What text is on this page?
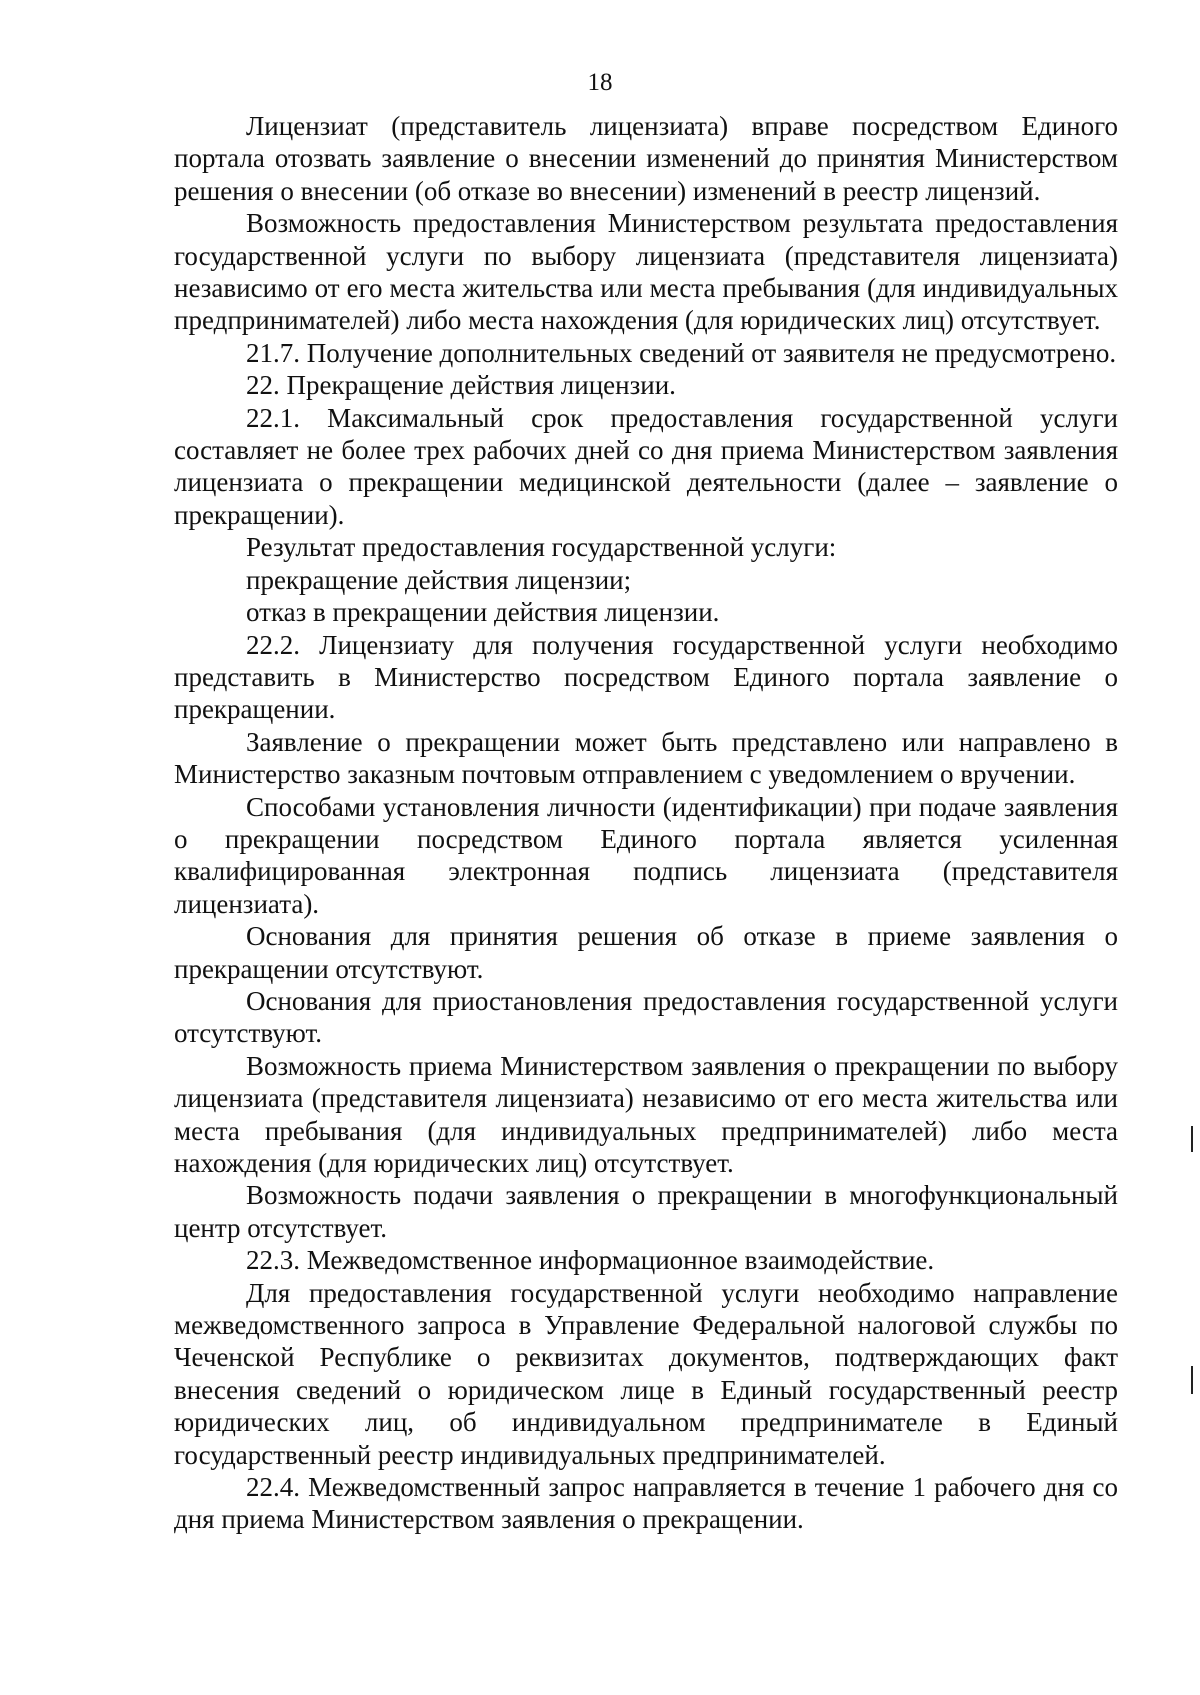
18

Лицензиат (представитель лицензиата) вправе посредством Единого портала отозвать заявление о внесении изменений до принятия Министерством решения о внесении (об отказе во внесении) изменений в реестр лицензий.

Возможность предоставления Министерством результата предоставления государственной услуги по выбору лицензиата (представителя лицензиата) независимо от его места жительства или места пребывания (для индивидуальных предпринимателей) либо места нахождения (для юридических лиц) отсутствует.

21.7. Получение дополнительных сведений от заявителя не предусмотрено.

22. Прекращение действия лицензии.

22.1. Максимальный срок предоставления государственной услуги составляет не более трех рабочих дней со дня приема Министерством заявления лицензиата о прекращении медицинской деятельности (далее – заявление о прекращении).

Результат предоставления государственной услуги:

прекращение действия лицензии;

отказ в прекращении действия лицензии.

22.2. Лицензиату для получения государственной услуги необходимо представить в Министерство посредством Единого портала заявление о прекращении.

Заявление о прекращении может быть представлено или направлено в Министерство заказным почтовым отправлением с уведомлением о вручении.

Способами установления личности (идентификации) при подаче заявления о прекращении посредством Единого портала является усиленная квалифицированная электронная подпись лицензиата (представителя лицензиата).

Основания для принятия решения об отказе в приеме заявления о прекращении отсутствуют.

Основания для приостановления предоставления государственной услуги отсутствуют.

Возможность приема Министерством заявления о прекращении по выбору лицензиата (представителя лицензиата) независимо от его места жительства или места пребывания (для индивидуальных предпринимателей) либо места нахождения (для юридических лиц) отсутствует.

Возможность подачи заявления о прекращении в многофункциональный центр отсутствует.

22.3. Межведомственное информационное взаимодействие.

Для предоставления государственной услуги необходимо направление межведомственного запроса в Управление Федеральной налоговой службы по Чеченской Республике о реквизитах документов, подтверждающих факт внесения сведений о юридическом лице в Единый государственный реестр юридических лиц, об индивидуальном предпринимателе в Единый государственный реестр индивидуальных предпринимателей.

22.4. Межведомственный запрос направляется в течение 1 рабочего дня со дня приема Министерством заявления о прекращении.
